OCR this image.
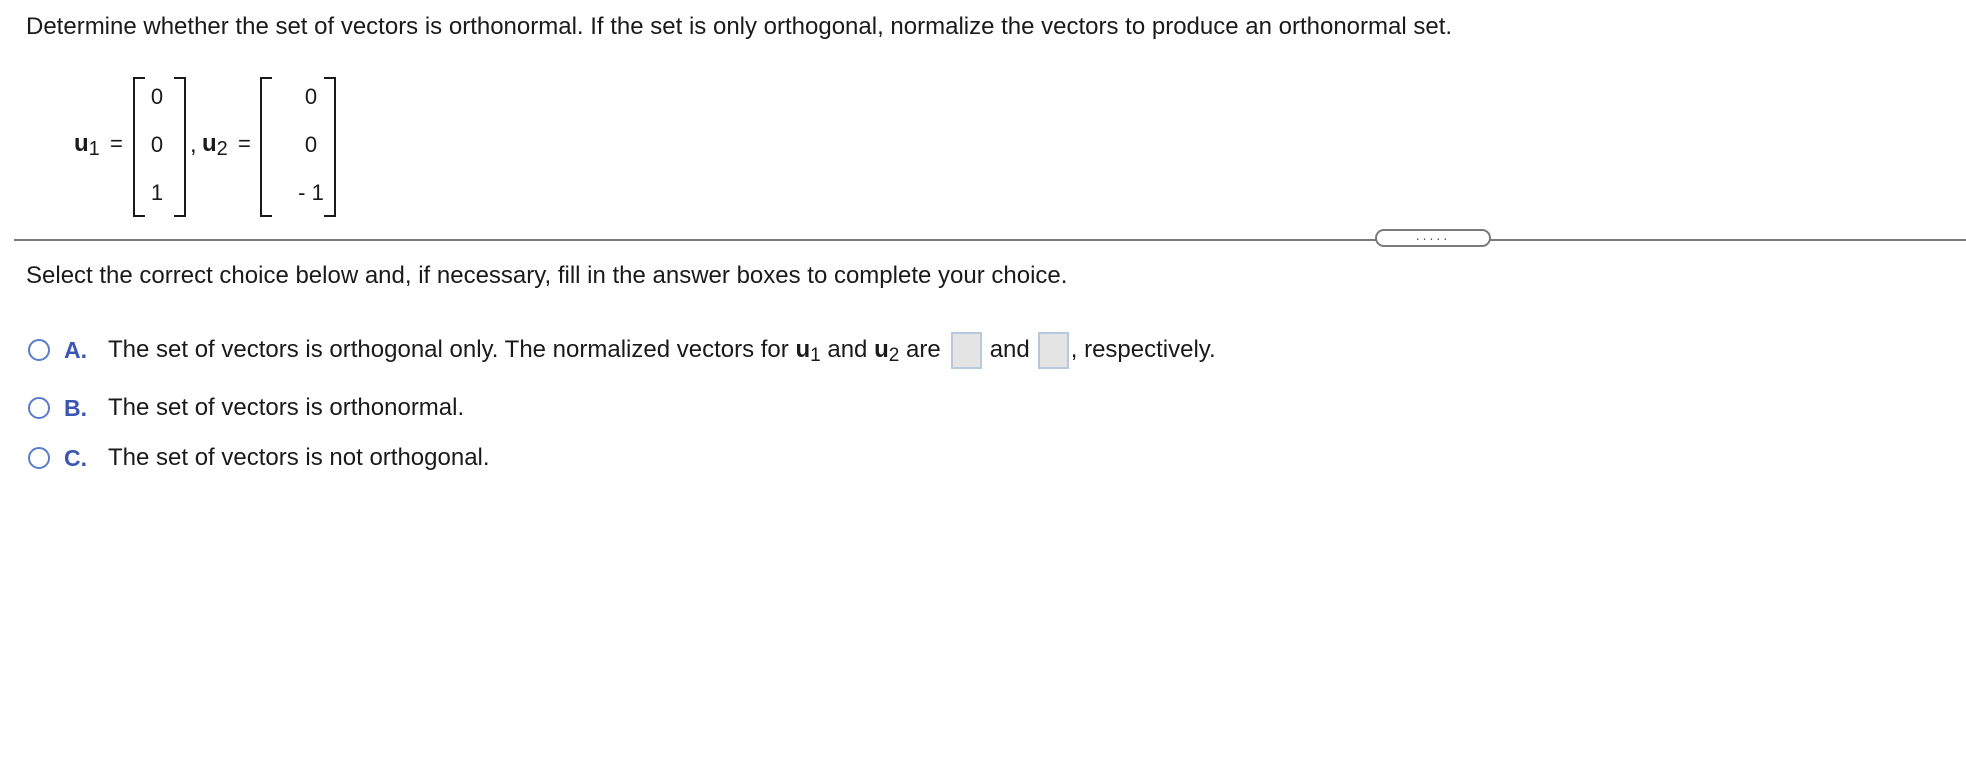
Determine whether the set of vectors is orthonormal. If the set is only orthogonal, normalize the vectors to produce an orthonormal set.
$u_1$ =
0
0
1
, $u_2$ =
0
0
- 1
.....
Select the correct choice below and, if necessary, fill in the answer boxes to complete your choice.
A. The set of vectors is orthogonal only. The normalized vectors for
$u_1$
and
$u_2$
are and , respectively.
B. The set of vectors is orthonormal.
C. The set of vectors is not orthogonal.
